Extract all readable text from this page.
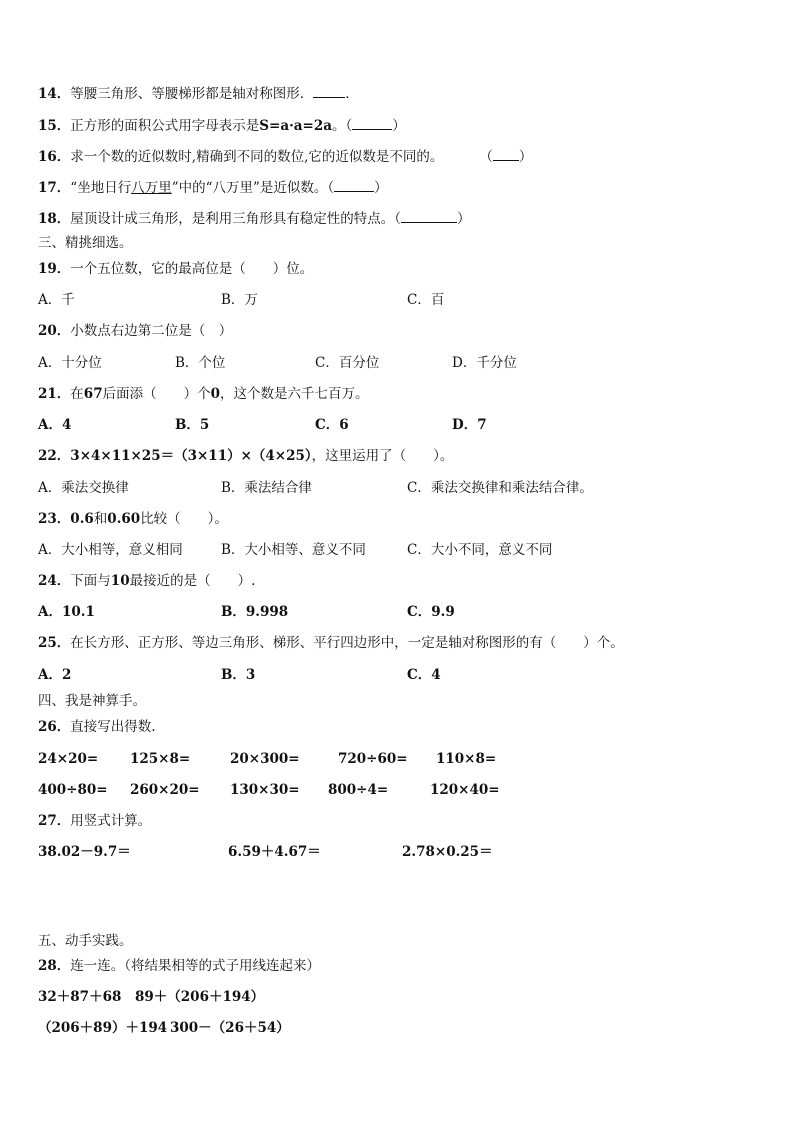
14．等腰三角形、等腰梯形都是轴对称图形． ．
15．正方形的面积公式用字母表示是S=a·a=2a。（	）
16．求一个数的近似数时,精确到不同的数位,它的近似数是不同的。	（ ）
17．“坐地日行八万里”中的“八万里”是近似数。（	）
18．屋顶设计成三角形，是利用三角形具有稳定性的特点。（	）
三、精挑细选。
19．一个五位数，它的最高位是（　　）位。
A．千	B．万	C．百
20．小数点右边第二位是（　）
A．十分位	B．个位	C．百分位	D．千分位
21．在67后面添（　　）个0，这个数是六千七百万。
A．4	B．5	C．6	D．7
22．3×4×11×25＝（3×11）×（4×25），这里运用了（　　）。
A．乘法交换律	B．乘法结合律	C．乘法交换律和乘法结合律。
23．0.6和0.60比较（　　）。
A．大小相等，意义相同	B．大小相等、意义不同	C．大小不同，意义不同
24．下面与10最接近的是（　　）.
A．10.1	B．9.998	C．9.9
25．在长方形、正方形、等边三角形、梯形、平行四边形中，一定是轴对称图形的有（　　）个。
A．2	B．3	C．4
四、我是神算手。
26．直接写出得数.
24×20= 125×8=	20×300=	720÷60= 110×8=
400÷80= 260×20= 130×30= 800÷4=	120×40=
27．用竖式计算。
38.02－9.7＝	6.59＋4.67＝	2.78×0.25＝
五、动手实践。
28．连一连。（将结果相等的式子用线连起来）
32＋87＋68 89＋（206＋194）
（206＋89）＋194 300－（26＋54）
